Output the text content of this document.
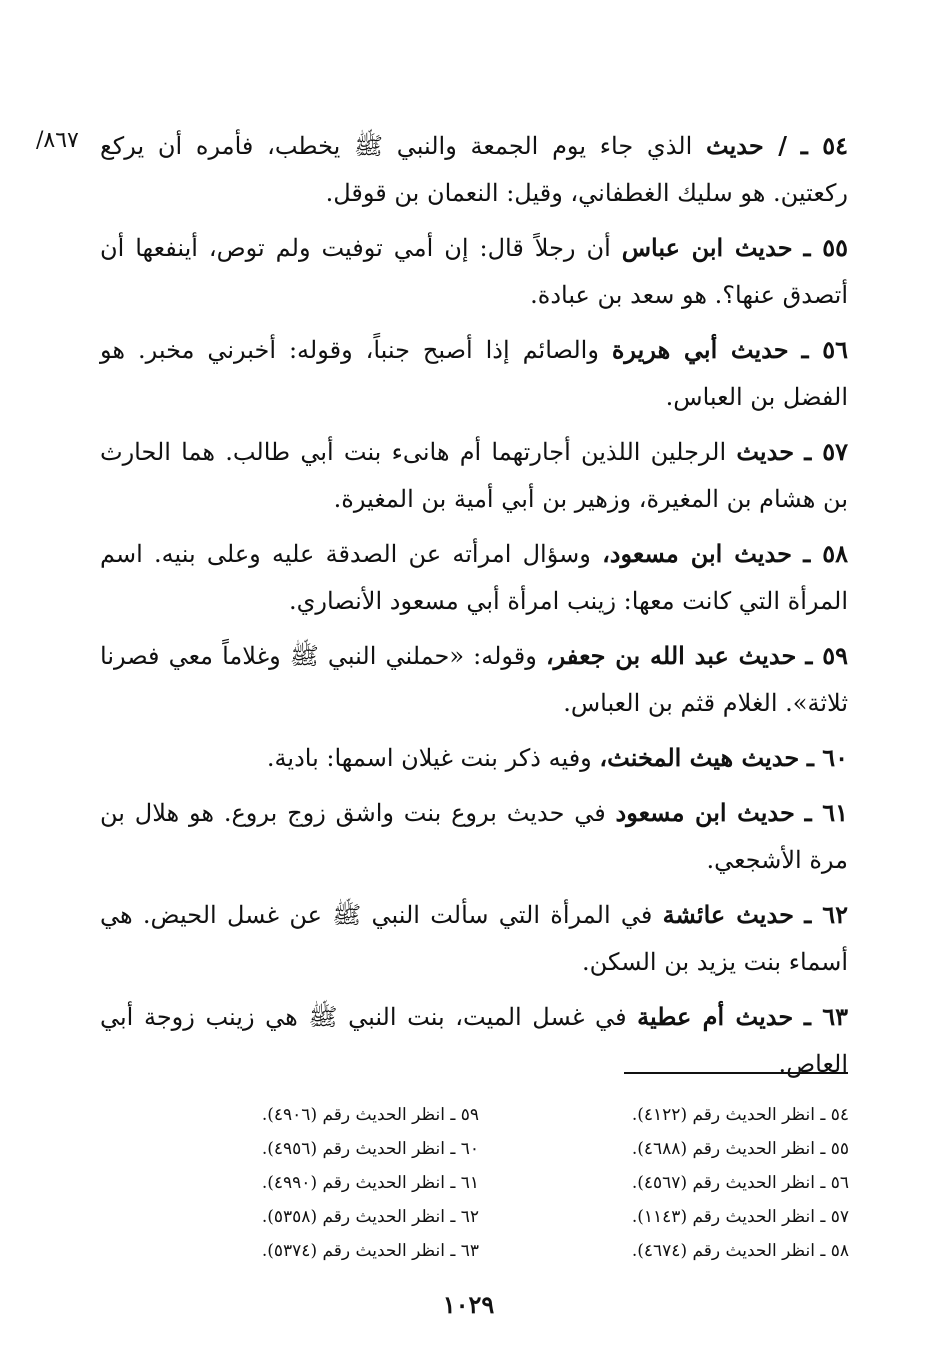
٨٦٧/	٥٤ ـ / حديث الذي جاء يوم الجمعة والنبي ﷺ يخطب، فأمره أن يركع ركعتين. هو سليك الغطفاني، وقيل: النعمان بن قوقل.

٥٥ ـ حديث ابن عباس أن رجلاً قال: إن أمي توفيت ولم توص، أينفعها أن أتصدق عنها؟. هو سعد بن عبادة.

٥٦ ـ حديث أبي هريرة والصائم إذا أصبح جنباً، وقوله: أخبرني مخبر. هو الفضل بن العباس.

٥٧ ـ حديث الرجلين اللذين أجارتهما أم هانىء بنت أبي طالب. هما الحارث بن هشام بن المغيرة، وزهير بن أبي أمية بن المغيرة.

٥٨ ـ حديث ابن مسعود، وسؤال امرأته عن الصدقة عليه وعلى بنيه. اسم المرأة التي كانت معها: زينب امرأة أبي مسعود الأنصاري.

٥٩ ـ حديث عبد الله بن جعفر، وقوله: «حملني النبي ﷺ وغلاماً معي فصرنا ثلاثة». الغلام قثم بن العباس.

٦٠ ـ حديث هيث المخنث، وفيه ذكر بنت غيلان اسمها: بادية.

٦١ ـ حديث ابن مسعود في حديث بروع بنت واشق زوج بروع. هو هلال بن مرة الأشجعي.

٦٢ ـ حديث عائشة في المرأة التي سألت النبي ﷺ عن غسل الحيض. هي أسماء بنت يزيد بن السكن.

٦٣ ـ حديث أم عطية في غسل الميت، بنت النبي ﷺ هي زينب زوجة أبي العاص.

٥٤ ـ انظر الحديث رقم (٤١٢٢).
٥٥ ـ انظر الحديث رقم (٤٦٨٨).
٥٦ ـ انظر الحديث رقم (٤٥٦٧).
٥٧ ـ انظر الحديث رقم (١١٤٣).
٥٨ ـ انظر الحديث رقم (٤٦٧٤).
٥٩ ـ انظر الحديث رقم (٤٩٠٦).
٦٠ ـ انظر الحديث رقم (٤٩٥٦).
٦١ ـ انظر الحديث رقم (٤٩٩٠).
٦٢ ـ انظر الحديث رقم (٥٣٥٨).
٦٣ ـ انظر الحديث رقم (٥٣٧٤).
١٠٢٩
